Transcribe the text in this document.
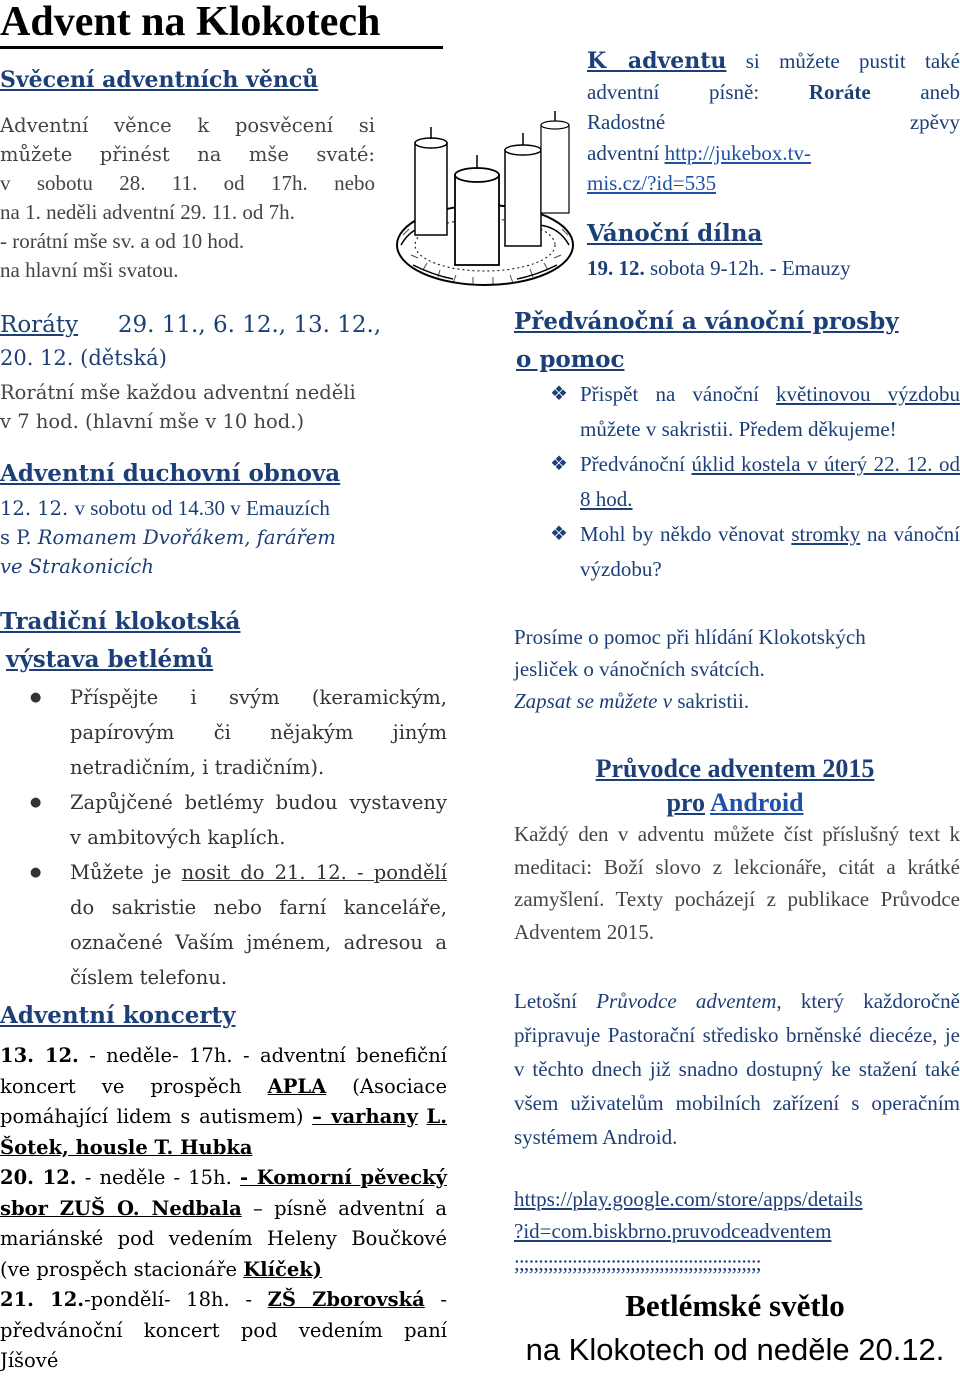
Advent na Klokotech
Svěcení adventních věnců
Adventní věnce k posvěcení si
můžete přinést na mše svaté:
v sobotu 28. 11. od 17h. nebo
na 1. neděli adventní 29. 11. od 7h.
- rorátní mše sv. a od 10 hod.
na hlavní mši svatou.
Roráty 29. 11., 6. 12., 13. 12.,
20. 12. (dětská)
Rorátní mše každou adventní neděli
v 7 hod. (hlavní mše v 10 hod.)
Adventní duchovní obnova
12. 12. v sobotu od 14.30 v Emauzích
s P. Romanem Dvořákem, farářem
ve Strakonicích
Tradiční klokotská
výstava betlémů
● Příspějte i svým (keramickým, papírovým či nějakým jiným netradičním, i tradičním).
● Zapůjčené betlémy budou vystaveny v ambitových kaplích.
● Můžete je nosit do 21. 12. - pondělí do sakristie nebo farní kanceláře, označené Vaším jménem, adresou a číslem telefonu.
Adventní koncerty
13. 12. - neděle- 17h. - adventní benefiční koncert ve prospěch APLA (Asociace pomáhající lidem s autismem) – varhany L. Šotek, housle T. Hubka
20. 12. - neděle - 15h. - Komorní pěvecký sbor ZUŠ O. Nedbala – písně adventní a mariánské pod vedením Heleny Boučkové (ve prospěch stacionáře Klíček)
21. 12.-pondělí- 18h. - ZŠ Zborovská - předvánoční koncert pod vedením paní Jíšové
K adventu si můžete pustit také
adventní písně: Roráte aneb
Radostné zpěvy
adventní http://jukebox.tv-
mis.cz/?id=535
Vánoční dílna
19. 12. sobota 9-12h. - Emauzy
Předvánoční a vánoční prosby
o pomoc
❖ Přispět na vánoční květinovou výzdobu můžete v sakristii. Předem děkujeme!
❖ Předvánoční úklid kostela v úterý 22. 12. od 8 hod.
❖ Mohl by někdo věnovat stromky na vánoční výzdobu?
Prosíme o pomoc při hlídání Klokotských
jesliček o vánočních svátcích.
Zapsat se můžete v sakristii.
Průvodce adventem 2015
pro Android
Každý den v adventu můžete číst příslušný text k meditaci: Boží slovo z lekcionáře, citát a krátké zamyšlení. Texty pocházejí z publikace Průvodce Adventem 2015.
Letošní Průvodce adventem, který každoročně připravuje Pastorační středisko brněnské diecéze, je v těchto dnech již snadno dostupný ke stažení také všem uživatelům mobilních zařízení s operačním systémem Android.
https://play.google.com/store/apps/details
?id=com.biskbrno.pruvodceadventem
;;;;;;;;;;;;;;;;;;;;;;;;;;;;;;;;;;;;;;;;;;;;;;;;;;;
Betlémské světlo
na Klokotech od neděle 20.12.
